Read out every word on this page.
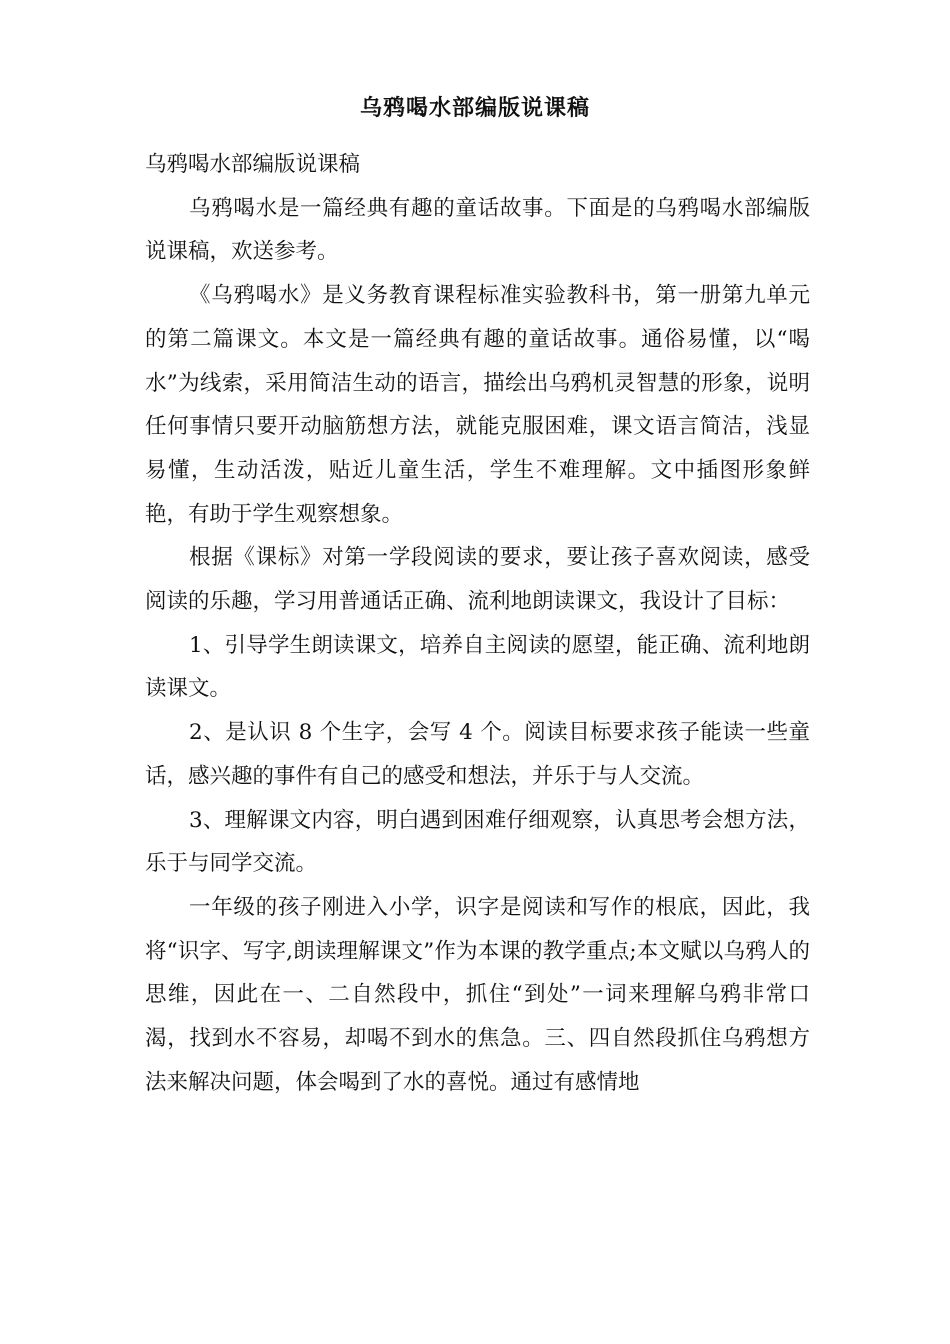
乌鸦喝水部编版说课稿

乌鸦喝水部编版说课稿

乌鸦喝水是一篇经典有趣的童话故事。下面是的乌鸦喝水部编版说课稿，欢送参考。

《乌鸦喝水》是义务教育课程标准实验教科书，第一册第九单元的第二篇课文。本文是一篇经典有趣的童话故事。通俗易懂，以“喝水”为线索，采用简洁生动的语言，描绘出乌鸦机灵智慧的形象，说明任何事情只要开动脑筋想方法，就能克服困难，课文语言简洁，浅显易懂，生动活泼，贴近儿童生活，学生不难理解。文中插图形象鲜艳，有助于学生观察想象。

根据《课标》对第一学段阅读的要求，要让孩子喜欢阅读，感受阅读的乐趣，学习用普通话正确、流利地朗读课文，我设计了目标：

1、引导学生朗读课文，培养自主阅读的愿望，能正确、流利地朗读课文。

2、是认识 8 个生字，会写 4 个。阅读目标要求孩子能读一些童话，感兴趣的事件有自己的感受和想法，并乐于与人交流。

3、理解课文内容，明白遇到困难仔细观察，认真思考会想方法，乐于与同学交流。

一年级的孩子刚进入小学，识字是阅读和写作的根底，因此，我将“识字、写字,朗读理解课文”作为本课的教学重点;本文赋以乌鸦人的思维，因此在一、二自然段中，抓住“到处”一词来理解乌鸦非常口渴，找到水不容易，却喝不到水的焦急。三、四自然段抓住乌鸦想方法来解决问题，体会喝到了水的喜悦。通过有感情地
